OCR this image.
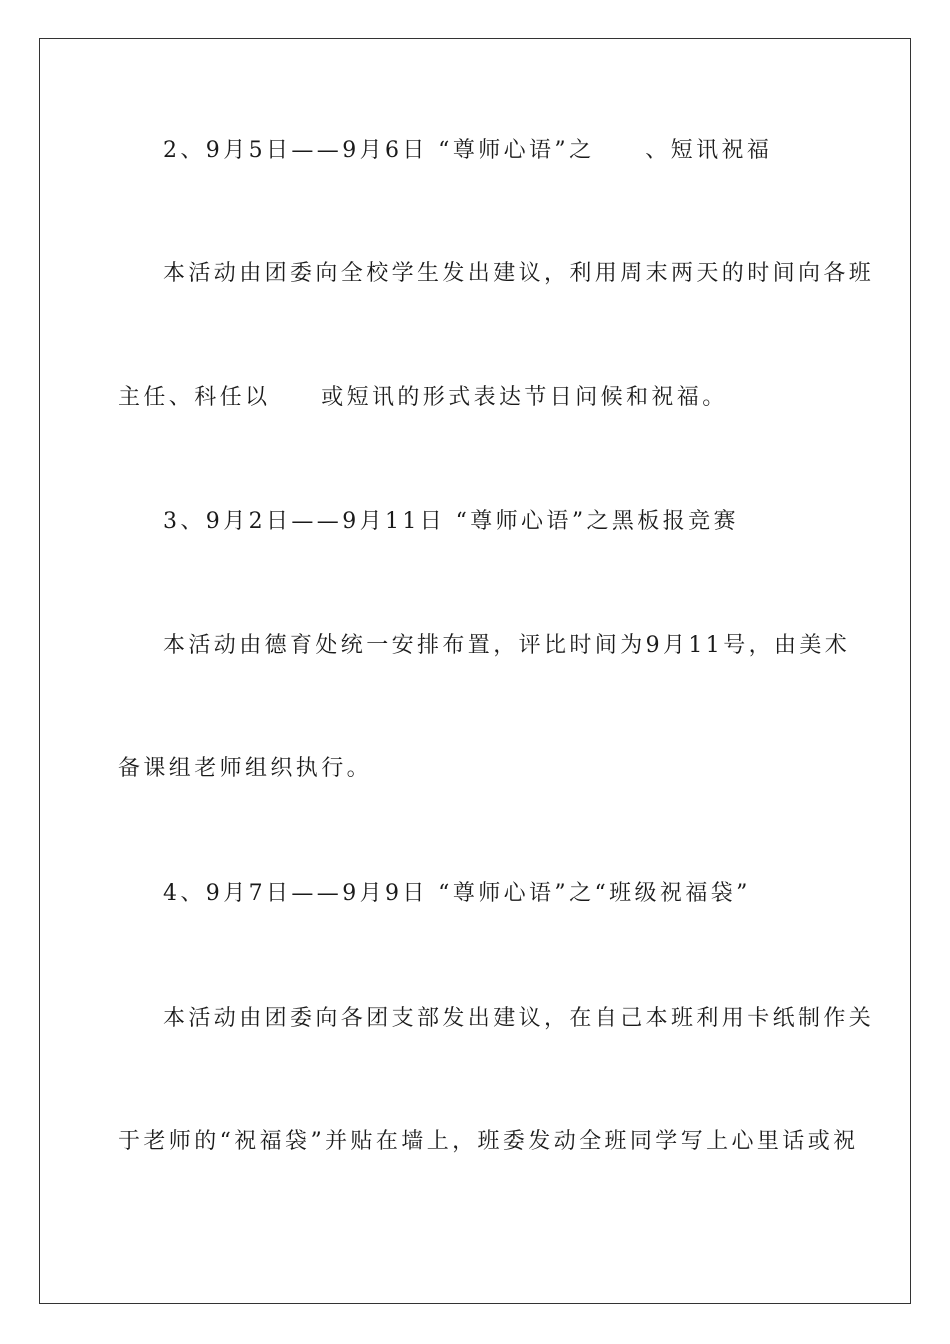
2、9月5日——9月6日 “尊师心语”之　　、短讯祝福
本活动由团委向全校学生发出建议，利用周末两天的时间向各班
主任、科任以　　或短讯的形式表达节日问候和祝福。
3、9月2日——9月11日 “尊师心语”之黑板报竞赛
本活动由德育处统一安排布置，评比时间为9月11号，由美术
备课组老师组织执行。
4、9月7日——9月9日 “尊师心语”之“班级祝福袋”
本活动由团委向各团支部发出建议，在自己本班利用卡纸制作关
于老师的“祝福袋”并贴在墙上，班委发动全班同学写上心里话或祝
